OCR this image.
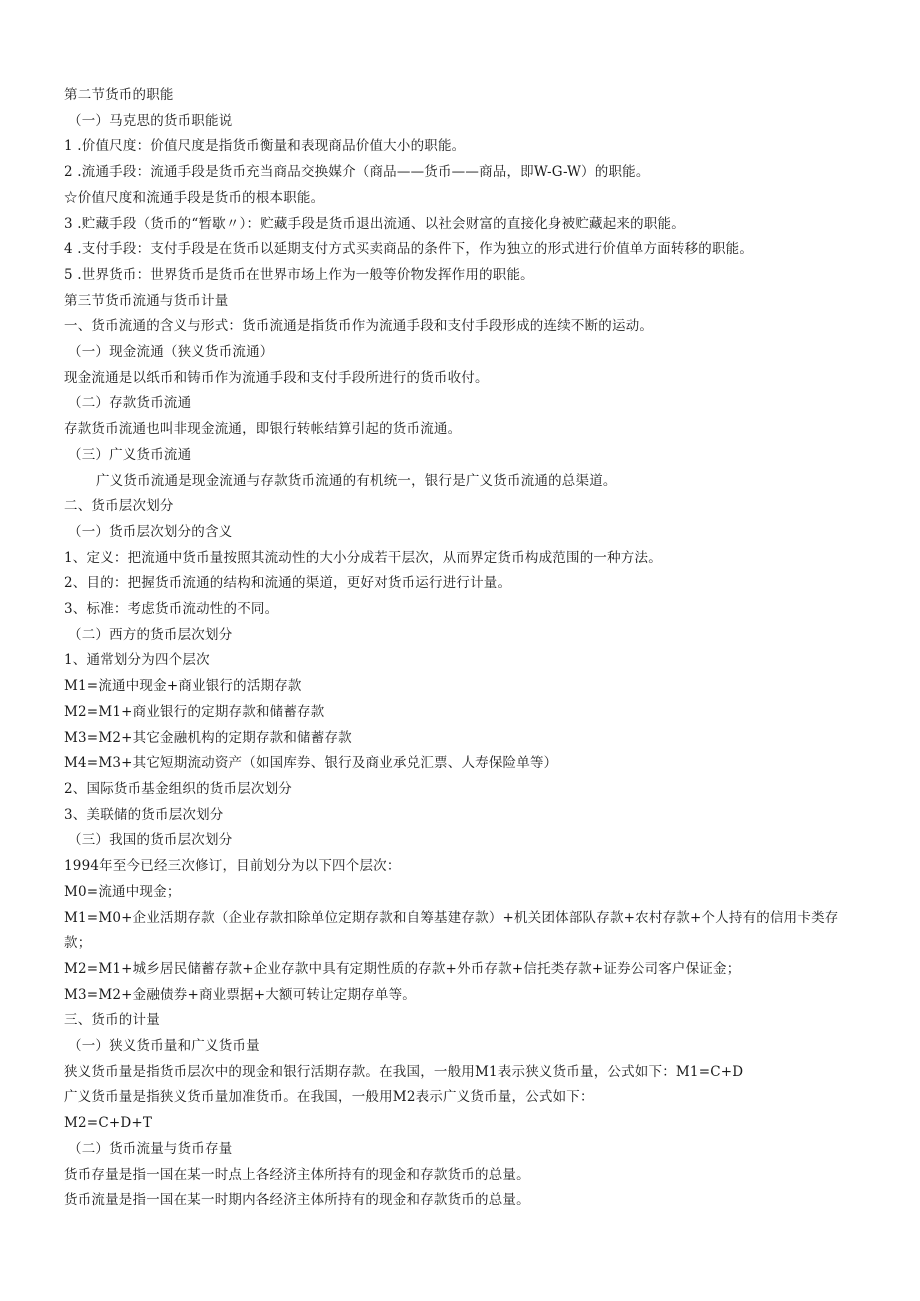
第二节货币的职能
（一）马克思的货币职能说
1 .价值尺度：价值尺度是指货币衡量和表现商品价值大小的职能。
2 .流通手段：流通手段是货币充当商品交换媒介（商品——货币——商品，即W-G-W）的职能。
☆价值尺度和流通手段是货币的根本职能。
3 .贮藏手段（货币的“暂歇〃）：贮藏手段是货币退出流通、以社会财富的直接化身被贮藏起来的职能。
4 .支付手段：支付手段是在货币以延期支付方式买卖商品的条件下，作为独立的形式进行价值单方面转移的职能。
5 .世界货币：世界货币是货币在世界市场上作为一般等价物发挥作用的职能。
第三节货币流通与货币计量
一、货币流通的含义与形式：货币流通是指货币作为流通手段和支付手段形成的连续不断的运动。
（一）现金流通（狭义货币流通）
现金流通是以纸币和铸币作为流通手段和支付手段所进行的货币收付。
（二）存款货币流通
存款货币流通也叫非现金流通，即银行转帐结算引起的货币流通。
（三）广义货币流通
广义货币流通是现金流通与存款货币流通的有机统一，银行是广义货币流通的总渠道。
二、货币层次划分
（一）货币层次划分的含义
1、定义：把流通中货币量按照其流动性的大小分成若干层次，从而界定货币构成范围的一种方法。
2、目的：把握货币流通的结构和流通的渠道，更好对货币运行进行计量。
3、标准：考虑货币流动性的不同。
（二）西方的货币层次划分
1、通常划分为四个层次
M1=流通中现金+商业银行的活期存款
M2=M1+商业银行的定期存款和储蓄存款
M3=M2+其它金融机构的定期存款和储蓄存款
M4=M3+其它短期流动资产（如国库券、银行及商业承兑汇票、人寿保险单等）
2、国际货币基金组织的货币层次划分
3、美联储的货币层次划分
（三）我国的货币层次划分
1994年至今已经三次修订，目前划分为以下四个层次：
M0=流通中现金；
M1=M0+企业活期存款（企业存款扣除单位定期存款和自筹基建存款）+机关团体部队存款+农村存款+个人持有的信用卡类存款；
M2=M1+城乡居民储蓄存款+企业存款中具有定期性质的存款+外币存款+信托类存款+证券公司客户保证金；
M3=M2+金融债券+商业票据+大额可转让定期存单等。
三、货币的计量
（一）狭义货币量和广义货币量
狭义货币量是指货币层次中的现金和银行活期存款。在我国，一般用M1表示狭义货币量，公式如下：M1=C+D
广义货币量是指狭义货币量加准货币。在我国，一般用M2表示广义货币量，公式如下：
M2=C+D+T
（二）货币流量与货币存量
货币存量是指一国在某一时点上各经济主体所持有的现金和存款货币的总量。
货币流量是指一国在某一时期内各经济主体所持有的现金和存款货币的总量。
